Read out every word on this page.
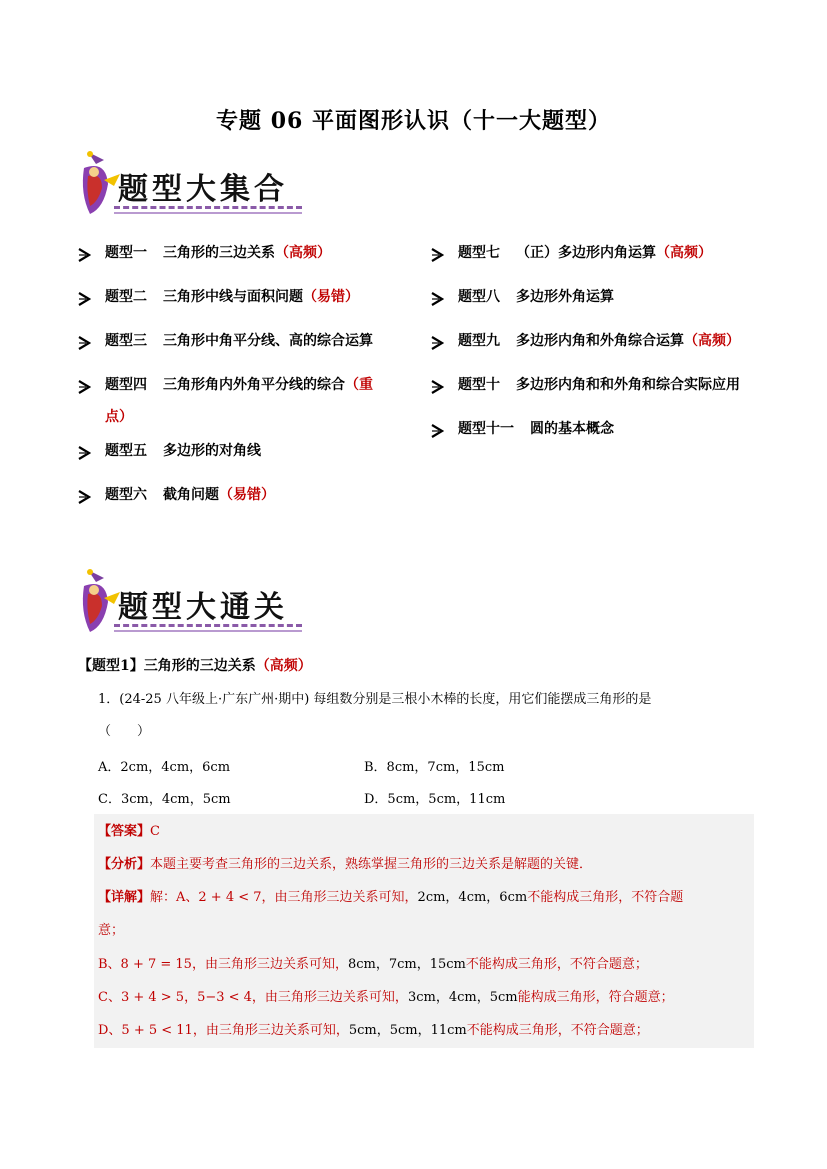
专题 06 平面图形认识（十一大题型）
题型大集合
题型一 三角形的三边关系（高频）
题型二 三角形中线与面积问题（易错）
题型三 三角形中角平分线、高的综合运算
题型四 三角形角内外角平分线的综合（重
点）
题型五 多边形的对角线
题型六 截角问题（易错）
题型七 （正）多边形内角运算（高频）
题型八 多边形外角运算
题型九 多边形内角和外角综合运算（高频）
题型十 多边形内角和和外角和综合实际应用
题型十一 圆的基本概念
题型大通关
【题型1】三角形的三边关系（高频）
1．(24-25 八年级上·广东广州·期中) 每组数分别是三根小木棒的长度，用它们能摆成三角形的是
（　　）
A．2cm，4cm，6cm	B．8cm，7cm，15cm
C．3cm，4cm，5cm	D．5cm，5cm，11cm
【答案】C
【分析】本题主要考查三角形的三边关系，熟练掌握三角形的三边关系是解题的关键．
【详解】解：A、2 + 4 < 7，由三角形三边关系可知，2cm，4cm，6cm不能构成三角形，不符合题
意；
B、8 + 7 = 15，由三角形三边关系可知，8cm，7cm，15cm不能构成三角形，不符合题意；
C、3 + 4 > 5，5−3 < 4，由三角形三边关系可知，3cm，4cm，5cm能构成三角形，符合题意；
D、5 + 5 < 11，由三角形三边关系可知，5cm，5cm，11cm不能构成三角形，不符合题意；
